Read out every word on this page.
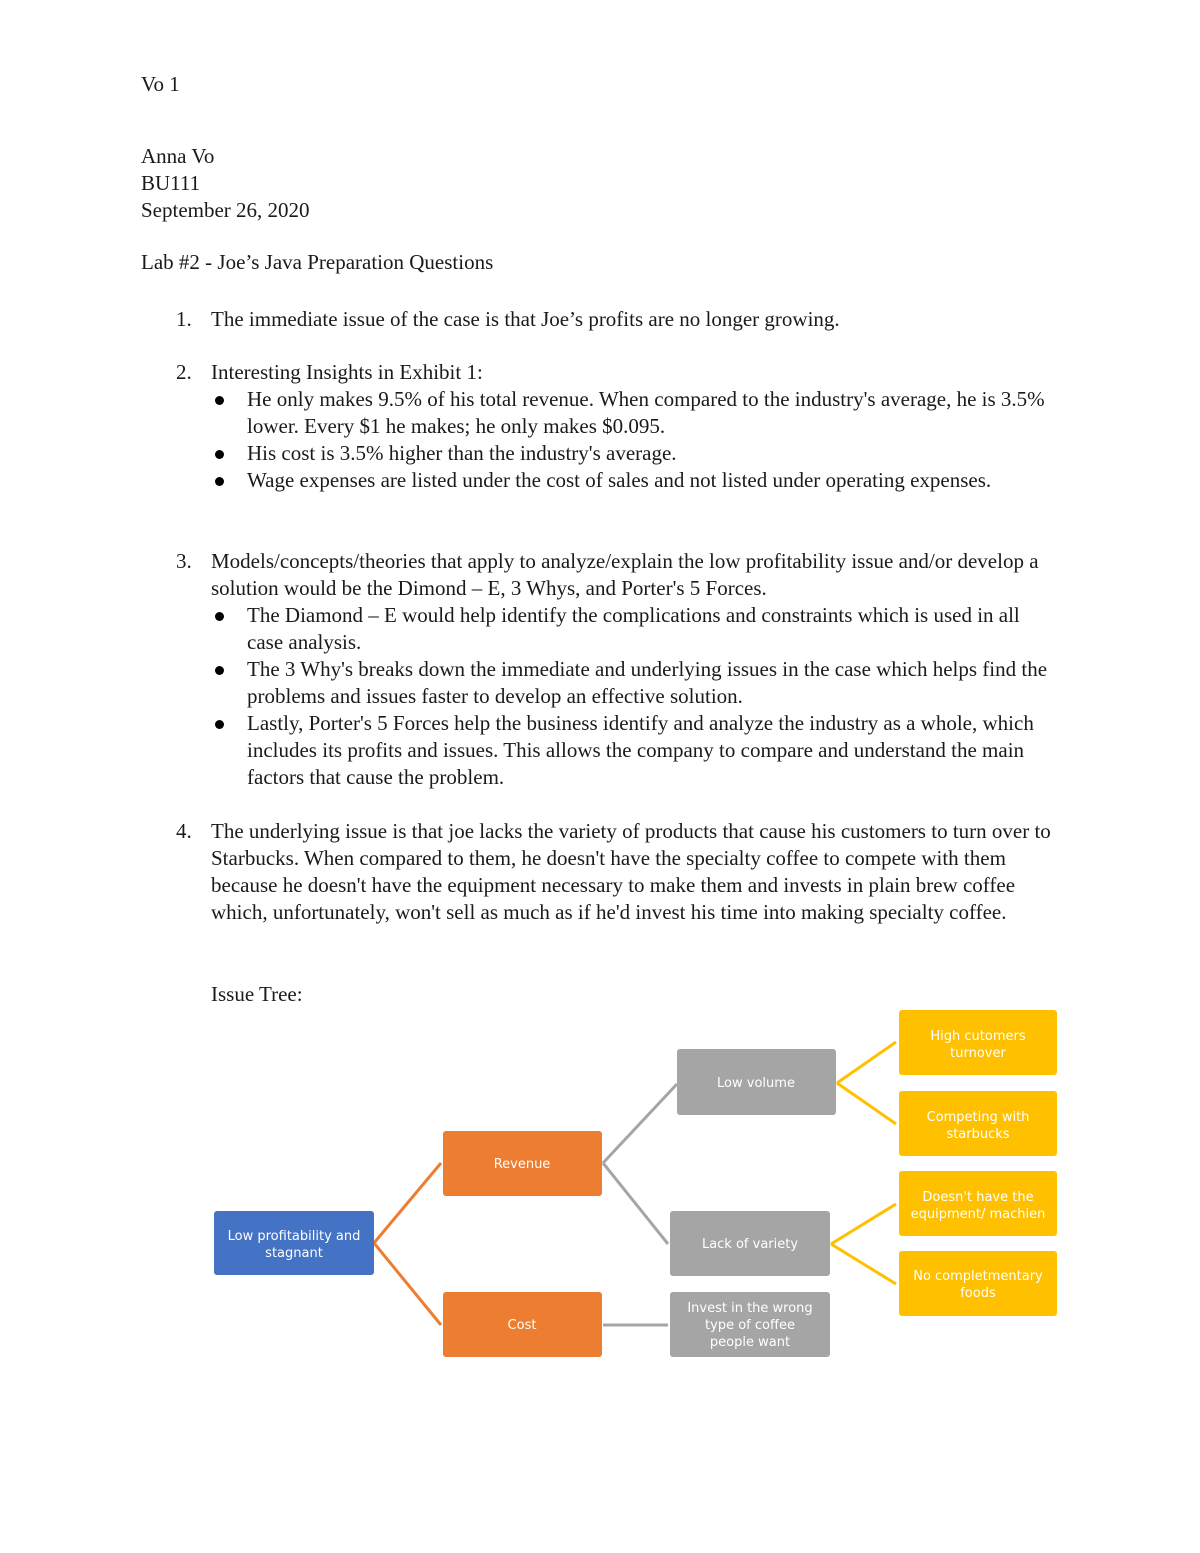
Vo 1
Anna Vo
BU111
September 26, 2020
Lab #2 - Joe’s Java Preparation Questions
1. The immediate issue of the case is that Joe’s profits are no longer growing.
2. Interesting Insights in Exhibit 1:
He only makes 9.5% of his total revenue. When compared to the industry's average, he is 3.5% lower. Every $1 he makes; he only makes $0.095.
His cost is 3.5% higher than the industry's average.
Wage expenses are listed under the cost of sales and not listed under operating expenses.
3. Models/concepts/theories that apply to analyze/explain the low profitability issue and/or develop a solution would be the Dimond – E, 3 Whys, and Porter's 5 Forces.
The Diamond – E would help identify the complications and constraints which is used in all case analysis.
The 3 Why's breaks down the immediate and underlying issues in the case which helps find the problems and issues faster to develop an effective solution.
Lastly, Porter's 5 Forces help the business identify and analyze the industry as a whole, which includes its profits and issues. This allows the company to compare and understand the main factors that cause the problem.
4. The underlying issue is that joe lacks the variety of products that cause his customers to turn over to Starbucks. When compared to them, he doesn't have the specialty coffee to compete with them because he doesn't have the equipment necessary to make them and invests in plain brew coffee which, unfortunately, won't sell as much as if he'd invest his time into making specialty coffee.
Issue Tree:
Low profitability and
stagnant
Revenue
Cost
Low volume
Lack of variety
Invest in the wrong
type of coffee
people want
High cutomers
turnover
Competing with
starbucks
Doesn't have the
equipment/ machien
No completmentary
foods
